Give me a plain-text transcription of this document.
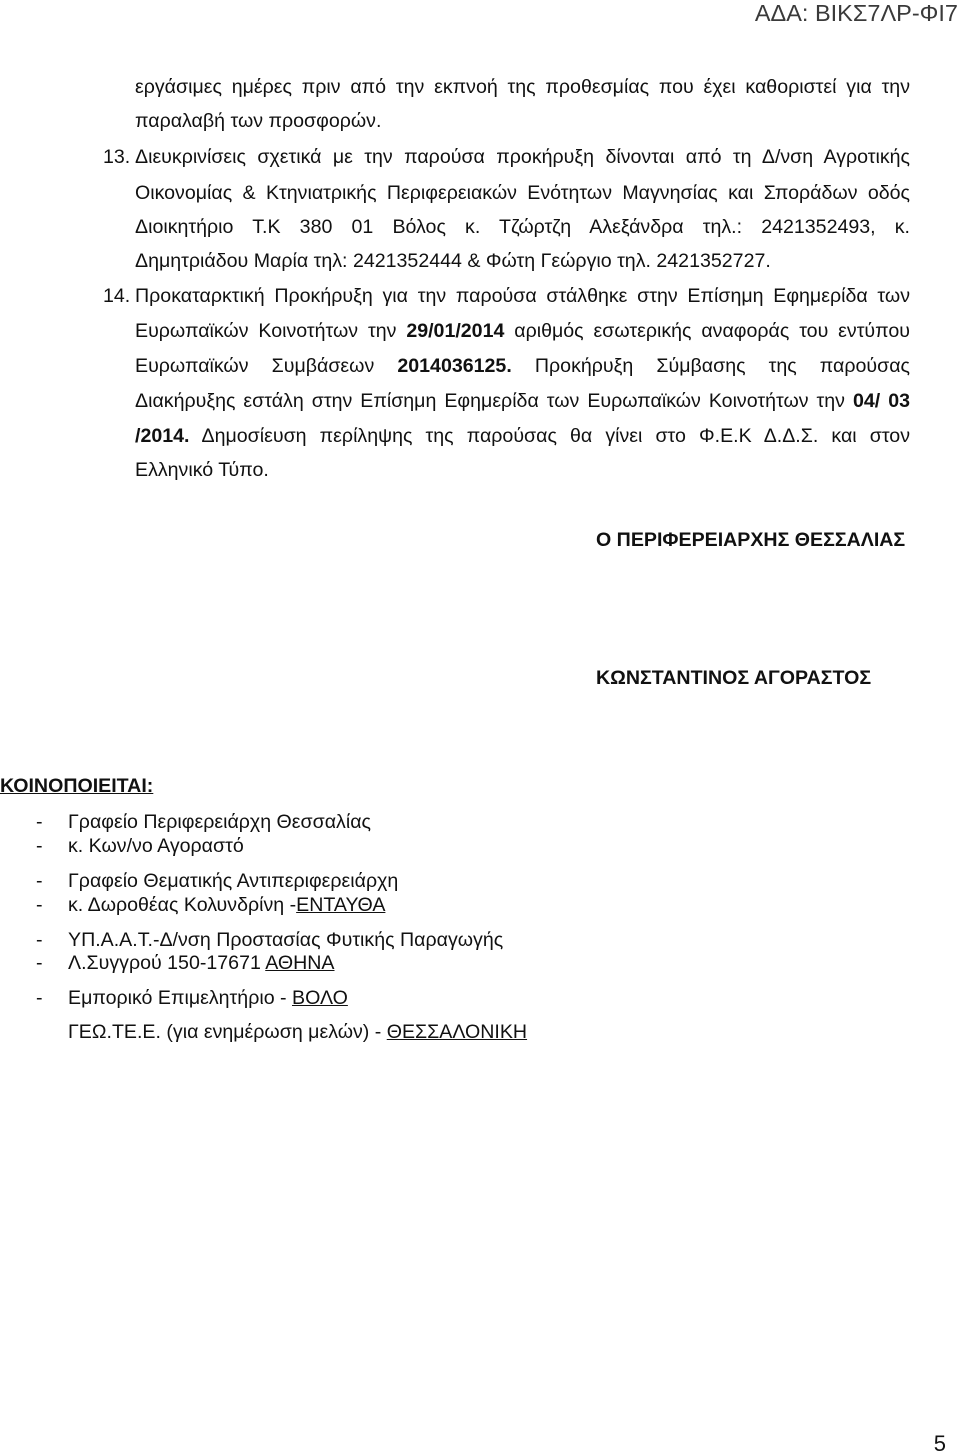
ΑΔΑ: ΒΙΚΣ7ΛΡ-ΦΙ7
εργάσιμες ημέρες πριν από την εκπνοή της προθεσμίας που έχει καθοριστεί για την
παραλαβή των προσφορών.
13. Διευκρινίσεις σχετικά με την παρούσα προκήρυξη δίνονται από τη Δ/νση Αγροτικής
Οικονομίας & Κτηνιατρικής Περιφερειακών Ενότητων Μαγνησίας και Σποράδων οδός
Διοικητήριο Τ.Κ 380 01 Βόλος κ. Τζώρτζη Αλεξάνδρα τηλ.: 2421352493, κ.
Δημητριάδου Μαρία τηλ: 2421352444 & Φώτη Γεώργιο τηλ. 2421352727.
14. Προκαταρκτική Προκήρυξη για την παρούσα στάλθηκε στην Επίσημη Εφημερίδα των
Ευρωπαϊκών Κοινοτήτων την 29/01/2014 αριθμός εσωτερικής αναφοράς του εντύπου
Ευρωπαϊκών Συμβάσεων 2014036125. Προκήρυξη Σύμβασης της παρούσας
Διακήρυξης εστάλη στην Επίσημη Εφημερίδα των Ευρωπαϊκών Κοινοτήτων την 04/ 03
/2014. Δημοσίευση περίληψης της παρούσας θα γίνει στο Φ.Ε.Κ Δ.Δ.Σ. και στον
Ελληνικό Τύπο.
Ο ΠΕΡΙΦΕΡΕΙΑΡΧΗΣ ΘΕΣΣΑΛΙΑΣ
ΚΩΝΣΤΑΝΤΙΝΟΣ ΑΓΟΡΑΣΤΟΣ
ΚΟΙΝΟΠΟΙΕΙΤΑΙ:
- Γραφείο Περιφερειάρχη Θεσσαλίας
- κ. Κων/νο Αγοραστό
- Γραφείο Θεματικής Αντιπεριφερειάρχη
- κ. Δωροθέας Κολυνδρίνη -ΕΝΤΑΥΘΑ
- ΥΠ.Α.Α.Τ.-Δ/νση Προστασίας Φυτικής Παραγωγής
- Λ.Συγγρού 150-17671 ΑΘΗΝΑ
- Εμπορικό Επιμελητήριο - ΒΟΛΟ
ΓΕΩ.ΤΕ.Ε. (για ενημέρωση μελών) - ΘΕΣΣΑΛΟΝΙΚΗ
5
